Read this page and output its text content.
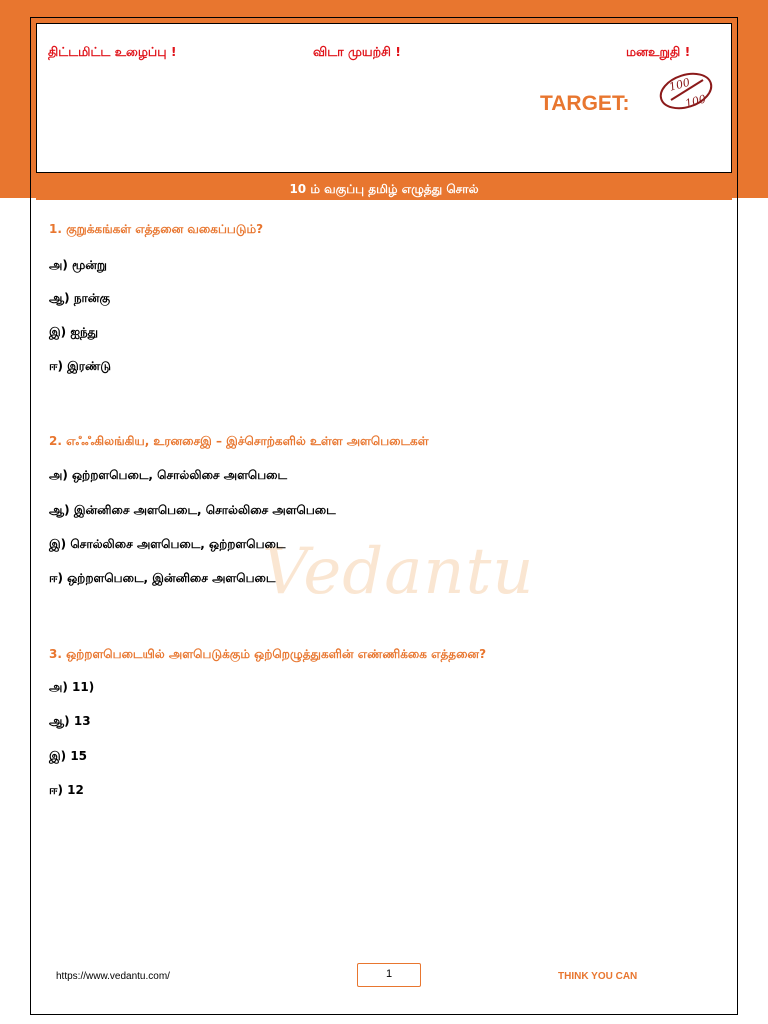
திட்டமிட்ட உழைப்பு !	விடா முயற்சி !	மனஉறுதி !
TARGET:
100
100
10 ம் வகுப்பு தமிழ் எழுத்து சொல்
Vedantu
1. குறுக்கங்கள் எத்தனை வகைப்படும்?
அ) மூன்று
ஆ) நான்கு
இ) ஐந்து
ஈ) இரண்டு
2. எஃஃகிலங்கிய, உரனசைஇ – இச்சொற்களில் உள்ள அளபெடைகள்
அ) ஒற்றளபெடை, சொல்லிசை அளபெடை
ஆ) இன்னிசை அளபெடை, சொல்லிசை அளபெடை
இ) சொல்லிசை அளபெடை, ஒற்றளபெடை
ஈ) ஒற்றளபெடை, இன்னிசை அளபெடை
3. ஒற்றளபெடையில் அளபெடுக்கும் ஒற்றெழுத்துகளின் எண்ணிக்கை எத்தனை?
அ) 11)
ஆ) 13
இ) 15
ஈ) 12
https://www.vedantu.com/	1	THINK YOU CAN
